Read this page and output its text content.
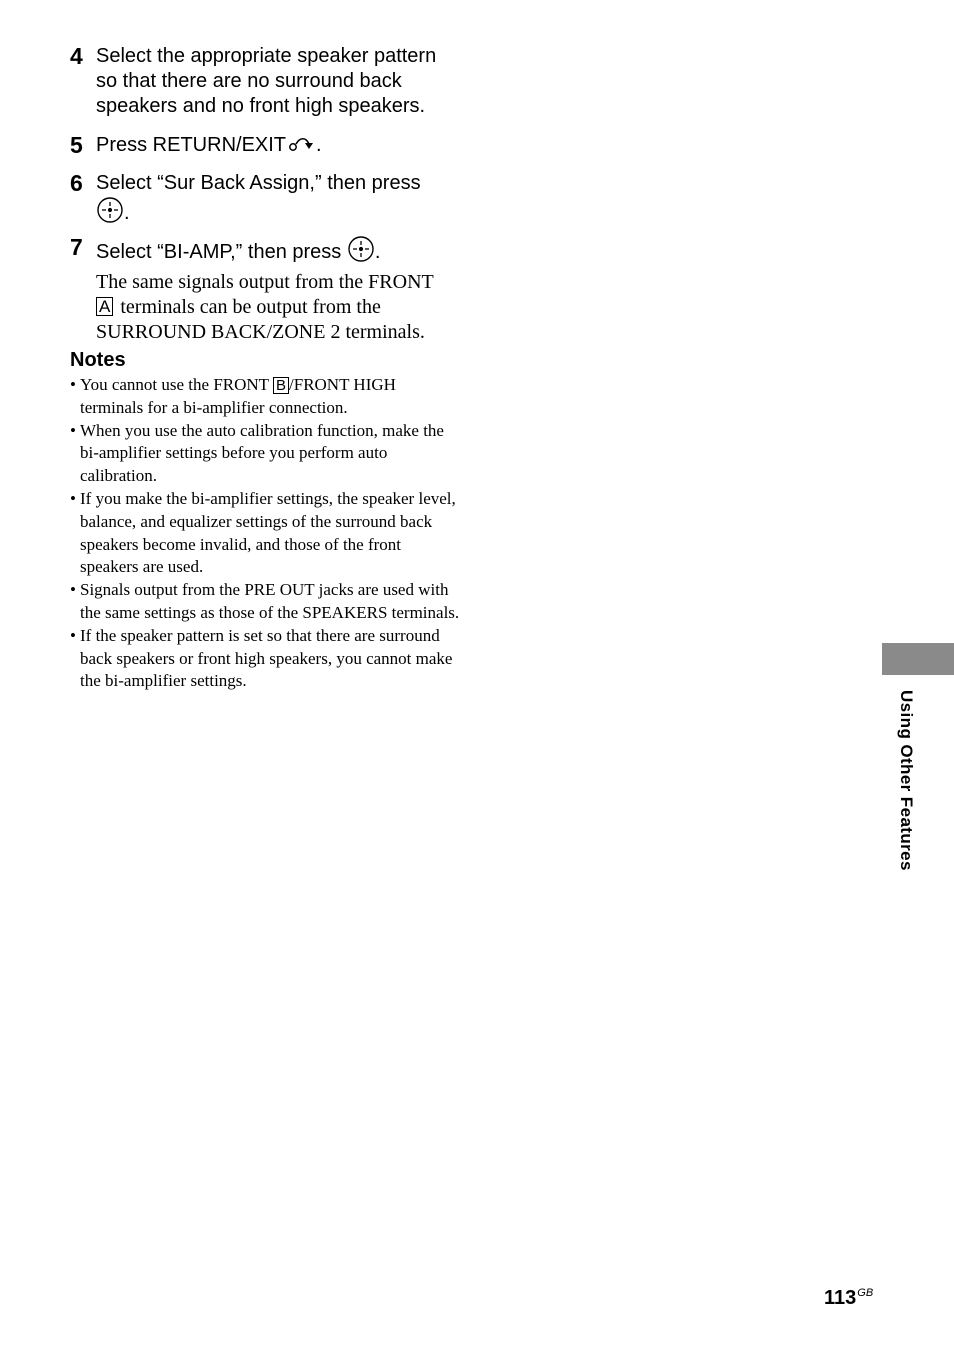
4 Select the appropriate speaker pattern so that there are no surround back speakers and no front high speakers.
5 Press RETURN/EXIT .
6 Select “Sur Back Assign,” then press
.
7 Select “BI-AMP,” then press .
The same signals output from the FRONT
A terminals can be output from the SURROUND BACK/ZONE 2 terminals.
Notes
• You cannot use the FRONT B /FRONT HIGH terminals for a bi-amplifier connection.
• When you use the auto calibration function, make the bi-amplifier settings before you perform auto calibration.
• If you make the bi-amplifier settings, the speaker level, balance, and equalizer settings of the surround back speakers become invalid, and those of the front speakers are used.
• Signals output from the PRE OUT jacks are used with the same settings as those of the SPEAKERS terminals.
• If the speaker pattern is set so that there are surround back speakers or front high speakers, you cannot make the bi-amplifier settings.
Using Other Features
$113^{GB}$
